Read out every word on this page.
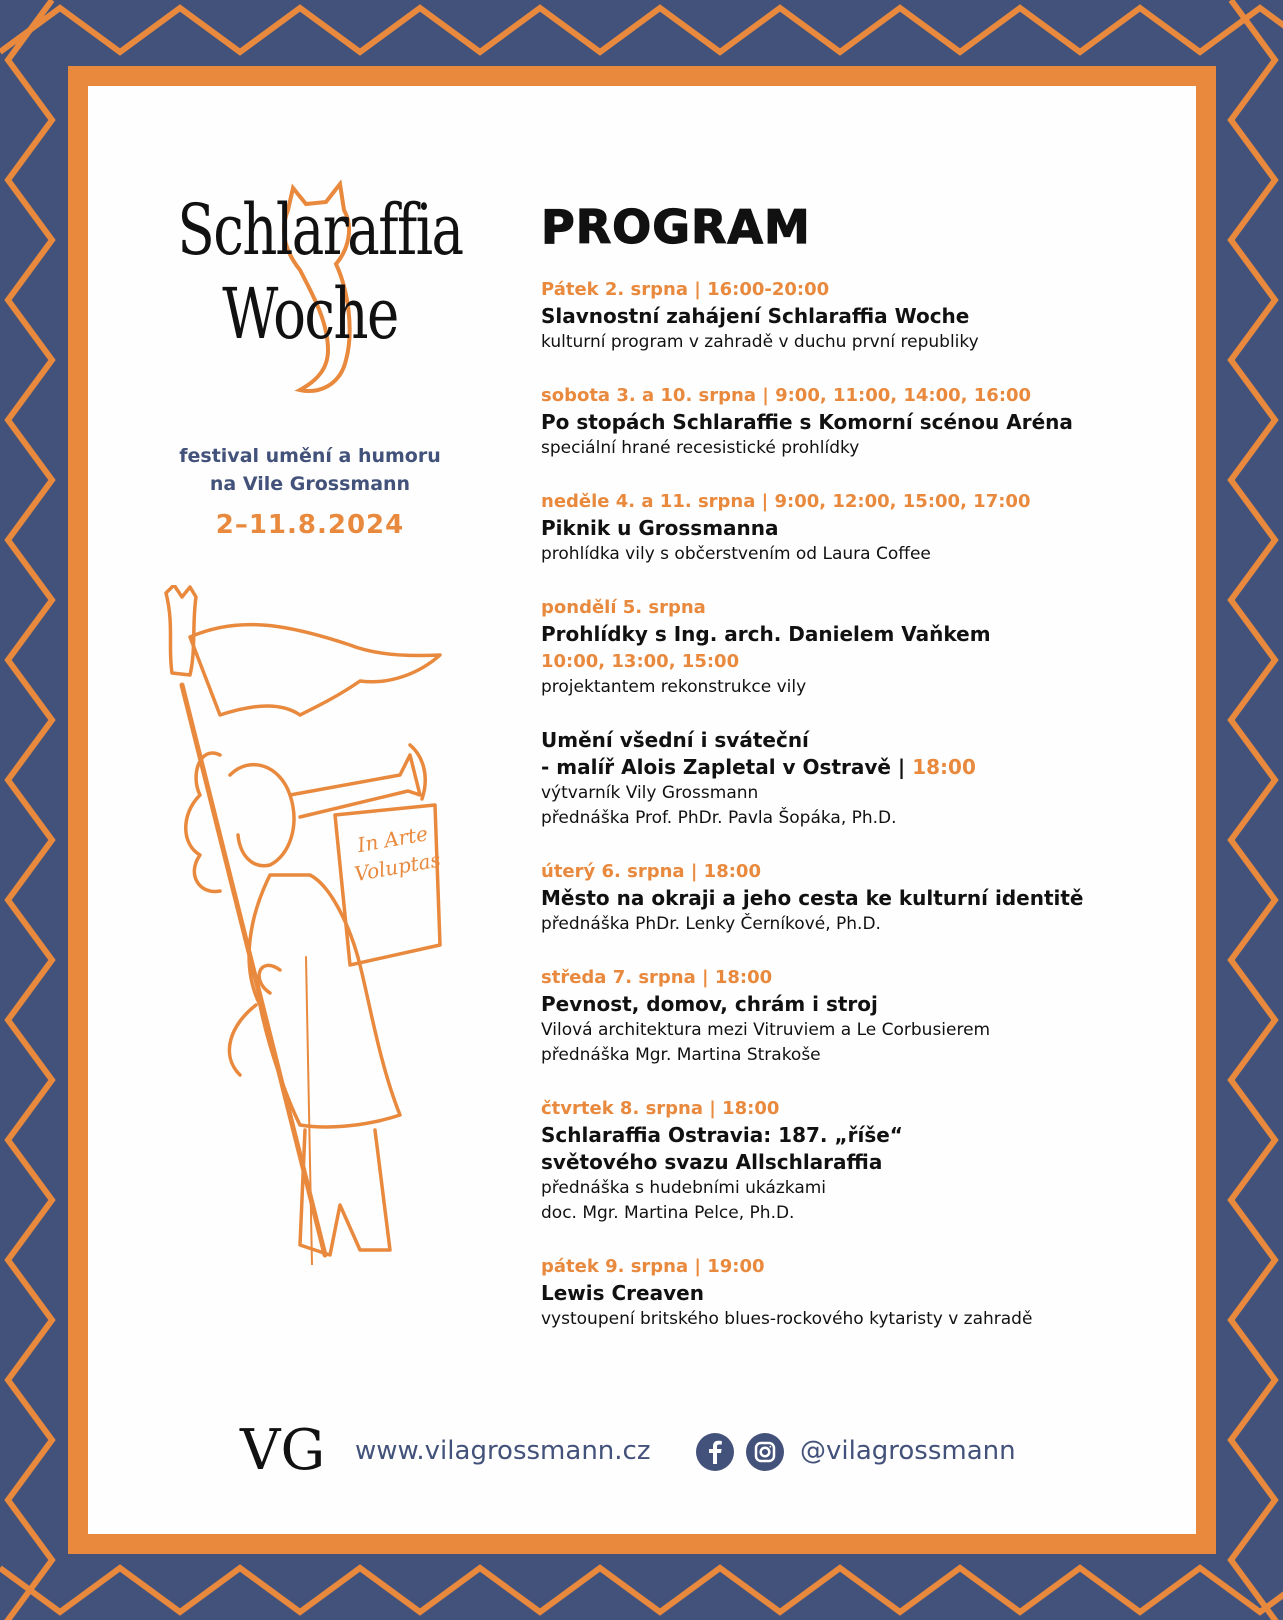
Schlaraffia
Woche
festival umění a humoru
na Vile Grossmann
2–11.8.2024
In Arte
Voluptas
PROGRAM
Pátek 2. srpna | 16:00-20:00
Slavnostní zahájení Schlaraffia Woche
kulturní program v zahradě v duchu první republiky
sobota 3. a 10. srpna | 9:00, 11:00, 14:00, 16:00
Po stopách Schlaraffie s Komorní scénou Aréna
speciální hrané recesistické prohlídky
neděle 4. a 11. srpna | 9:00, 12:00, 15:00, 17:00
Piknik u Grossmanna
prohlídka vily s občerstvením od Laura Coffee
pondělí 5. srpna
Prohlídky s Ing. arch. Danielem Vaňkem
10:00, 13:00, 15:00
projektantem rekonstrukce vily
Umění všední i sváteční
- malíř Alois Zapletal v Ostravě | 18:00
výtvarník Vily Grossmann
přednáška Prof. PhDr. Pavla Šopáka, Ph.D.
úterý 6. srpna | 18:00
Město na okraji a jeho cesta ke kulturní identitě
přednáška PhDr. Lenky Černíkové, Ph.D.
středa 7. srpna | 18:00
Pevnost, domov, chrám i stroj
Vilová architektura mezi Vitruviem a Le Corbusierem
přednáška Mgr. Martina Strakoše
čtvrtek 8. srpna | 18:00
Schlaraffia Ostravia: 187. „říše“
světového svazu Allschlaraffia
přednáška s hudebními ukázkami
doc. Mgr. Martina Pelce, Ph.D.
pátek 9. srpna | 19:00
Lewis Creaven
vystoupení britského blues-rockového kytaristy v zahradě
VG www.vilagrossmann.cz	@vilagrossmann
